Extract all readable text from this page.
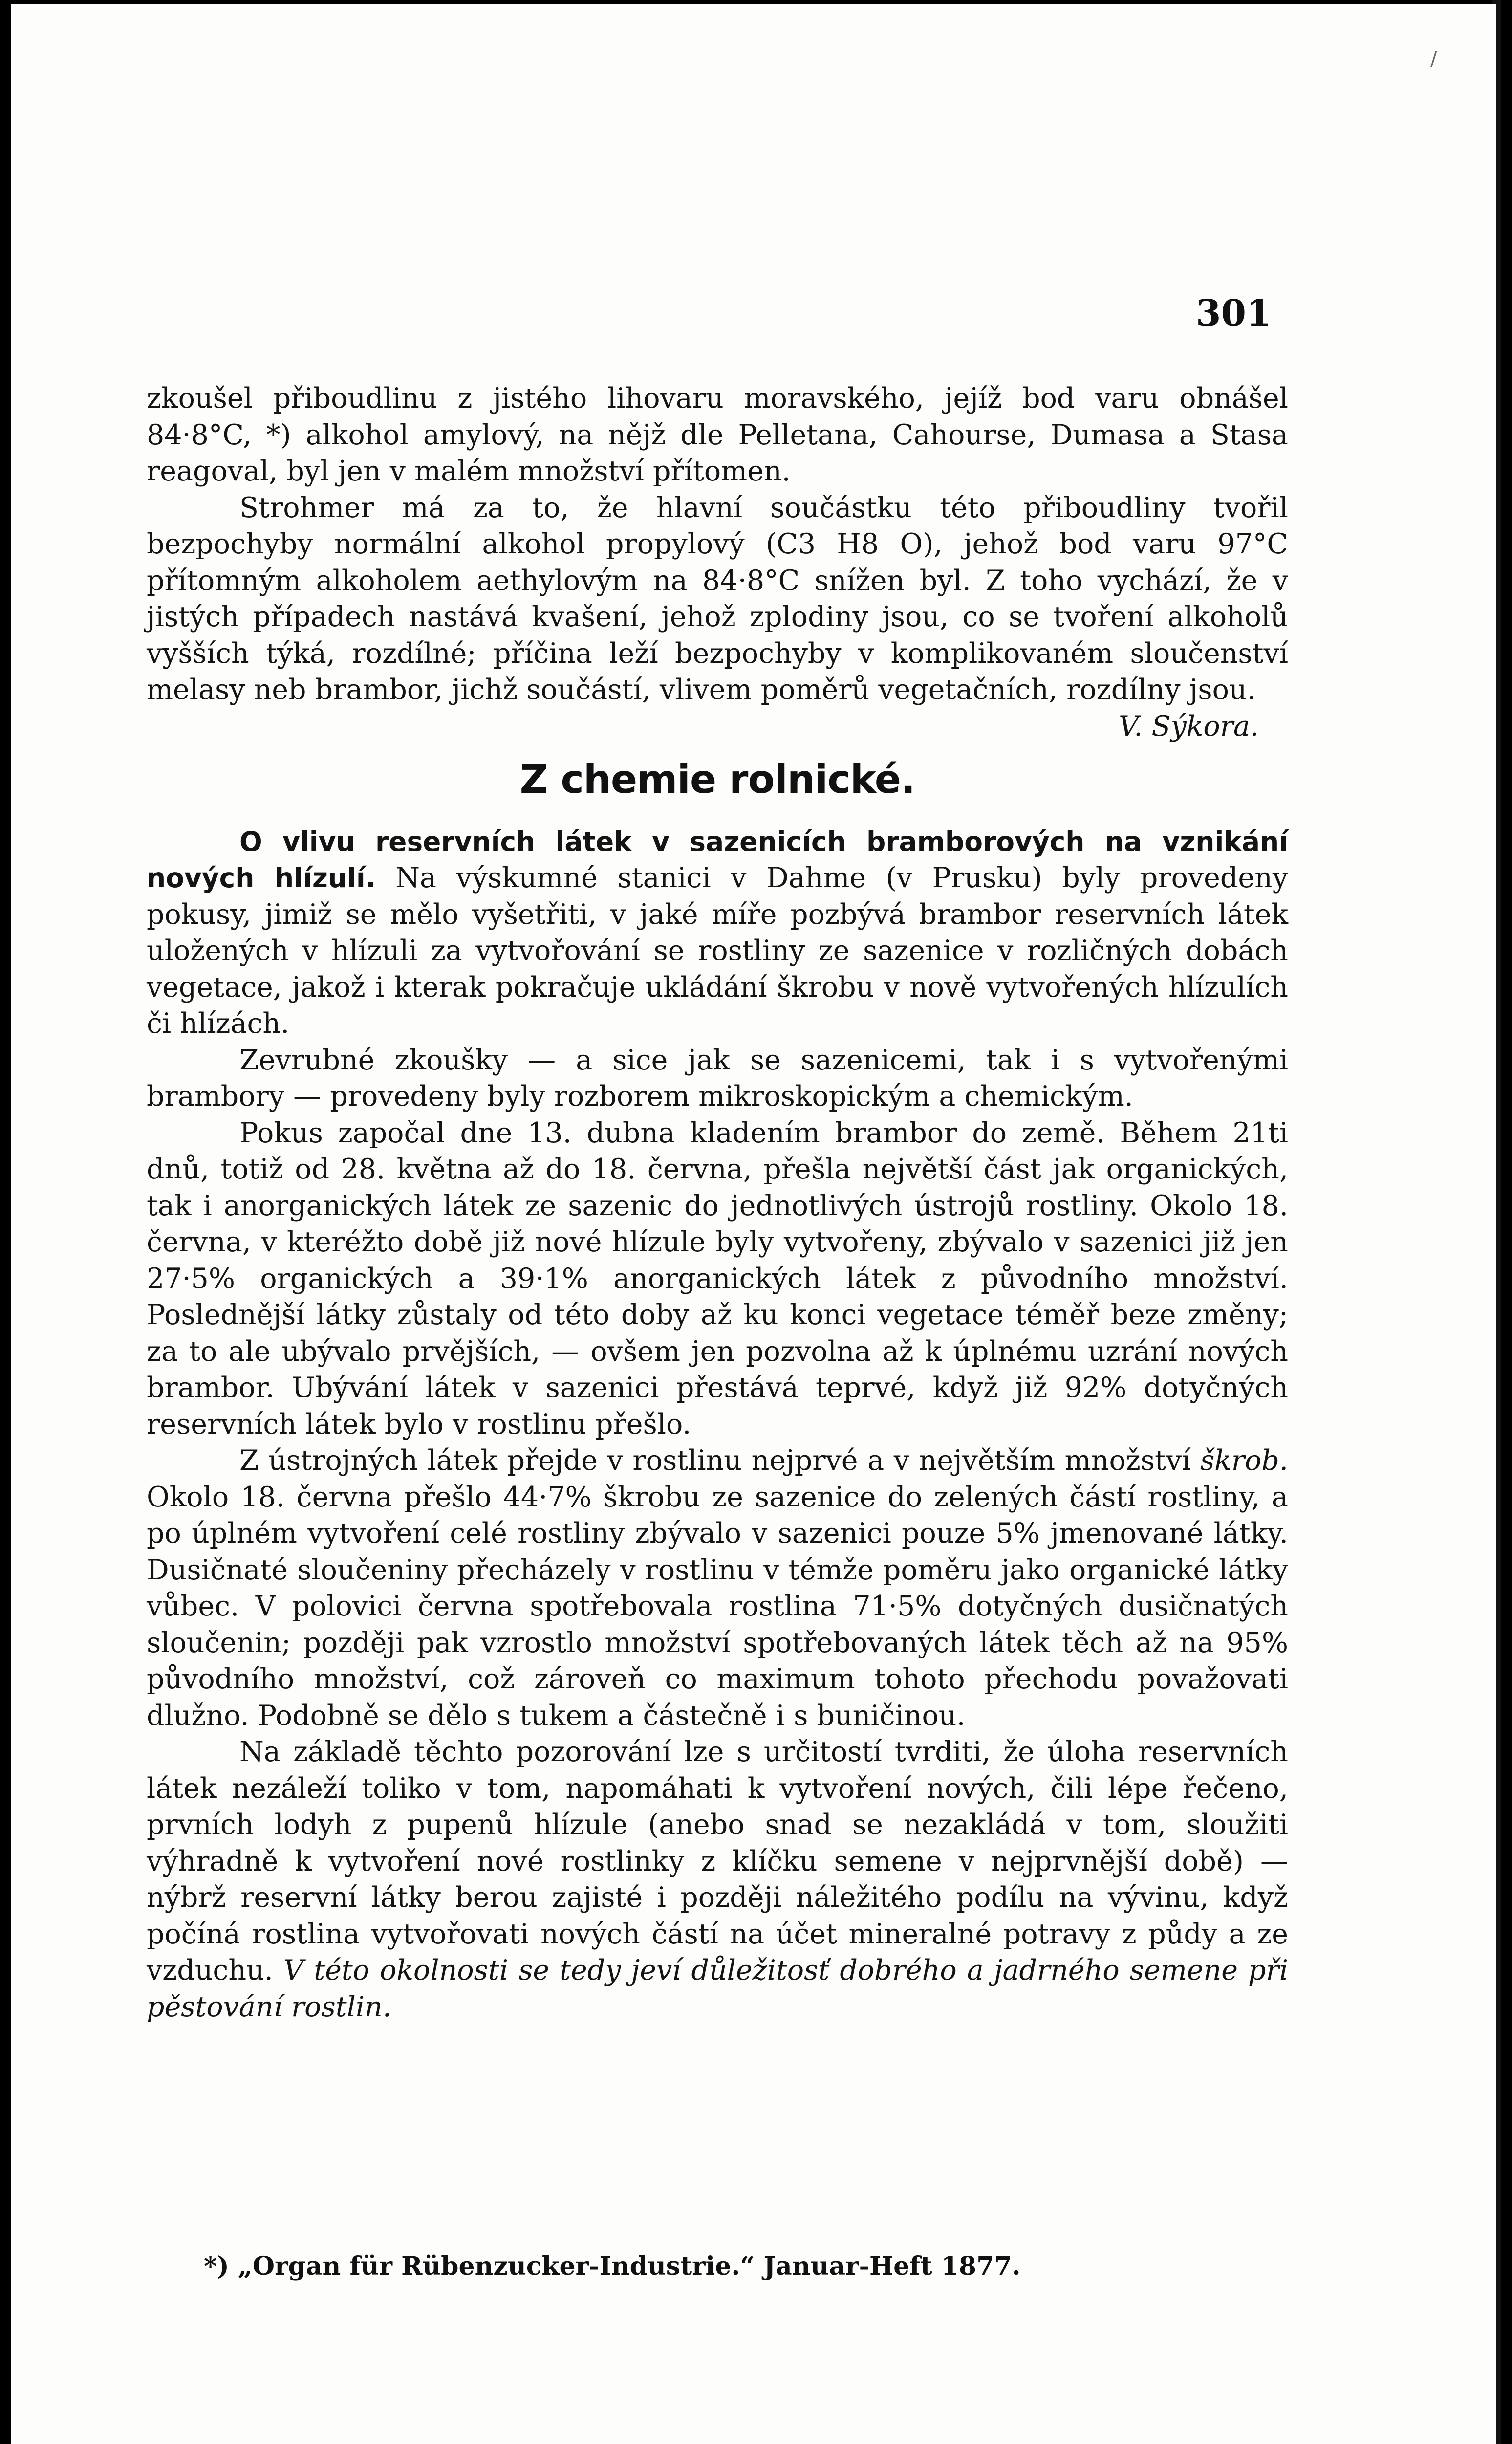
301

zkoušel přiboudlinu z jistého lihovaru moravského, jejíž bod varu obnášel 84·8°C, *) alkohol amylový, na nějž dle Pelletana, Cahourse, Dumasa a Stasa reagoval, byl jen v malém množství přítomen.

Strohmer má za to, že hlavní součástku této přiboudliny tvořil bezpochyby normální alkohol propylový (C3 H8 O), jehož bod varu 97°C přítomným alkoholem aethylovým na 84·8°C snížen byl. Z toho vychází, že v jistých případech nastává kvašení, jehož zplodiny jsou, co se tvoření alkoholů vyšších týká, rozdílné; příčina leží bezpochyby v komplikovaném sloučenství melasy neb brambor, jichž součástí, vlivem poměrů vegetačních, rozdílny jsou.
V. Sýkora.

Z chemie rolnické.

O vlivu reservních látek v sazenicích bramborových na vznikání nových hlízulí. Na výskumné stanici v Dahme (v Prusku) byly provedeny pokusy, jimiž se mělo vyšetřiti, v jaké míře pozbývá brambor reservních látek uložených v hlízuli za vytvořování se rostliny ze sazenice v rozličných dobách vegetace, jakož i kterak pokračuje ukládání škrobu v nově vytvořených hlízulích či hlízách.

Zevrubné zkoušky — a sice jak se sazenicemi, tak i s vytvořenými brambory — provedeny byly rozborem mikroskopickým a chemickým.

Pokus započal dne 13. dubna kladením brambor do země. Během 21ti dnů, totiž od 28. května až do 18. června, přešla největší část jak organických, tak i anorganických látek ze sazenic do jednotlivých ústrojů rostliny. Okolo 18. června, v kteréžto době již nové hlízule byly vytvořeny, zbývalo v sazenici již jen 27·5% organických a 39·1% anorganických látek z původního množství. Poslednější látky zůstaly od této doby až ku konci vegetace téměř beze změny; za to ale ubývalo prvějších, — ovšem jen pozvolna až k úplnému uzrání nových brambor. Ubývání látek v sazenici přestává teprvé, když již 92% dotyčných reservních látek bylo v rostlinu přešlo.

Z ústrojných látek přejde v rostlinu nejprvé a v největším množství škrob. Okolo 18. června přešlo 44·7% škrobu ze sazenice do zelených částí rostliny, a po úplném vytvoření celé rostliny zbývalo v sazenici pouze 5% jmenované látky. Dusičnaté sloučeniny přecházely v rostlinu v témže poměru jako organické látky vůbec. V polovici června spotřebovala rostlina 71·5% dotyčných dusičnatých sloučenin; později pak vzrostlo množství spotřebovaných látek těch až na 95% původního množství, což zároveň co maximum tohoto přechodu považovati dlužno. Podobně se dělo s tukem a částečně i s buničinou.

Na základě těchto pozorování lze s určitostí tvrditi, že úloha reservních látek nezáleží toliko v tom, napomáhati k vytvoření nových, čili lépe řečeno, prvních lodyh z pupenů hlízule (anebo snad se nezakládá v tom, sloužiti výhradně k vytvoření nové rostlinky z klíčku semene v nejprvnější době) — nýbrž reservní látky berou zajisté i později náležitého podílu na vývinu, když počíná rostlina vytvořovati nových částí na účet mineralné potravy z půdy a ze vzduchu. V této okolnosti se tedy jeví důležitosť dobrého a jadrného semene při pěstování rostlin.

*) „Organ für Rübenzucker-Industrie.“ Januar-Heft 1877.
/
